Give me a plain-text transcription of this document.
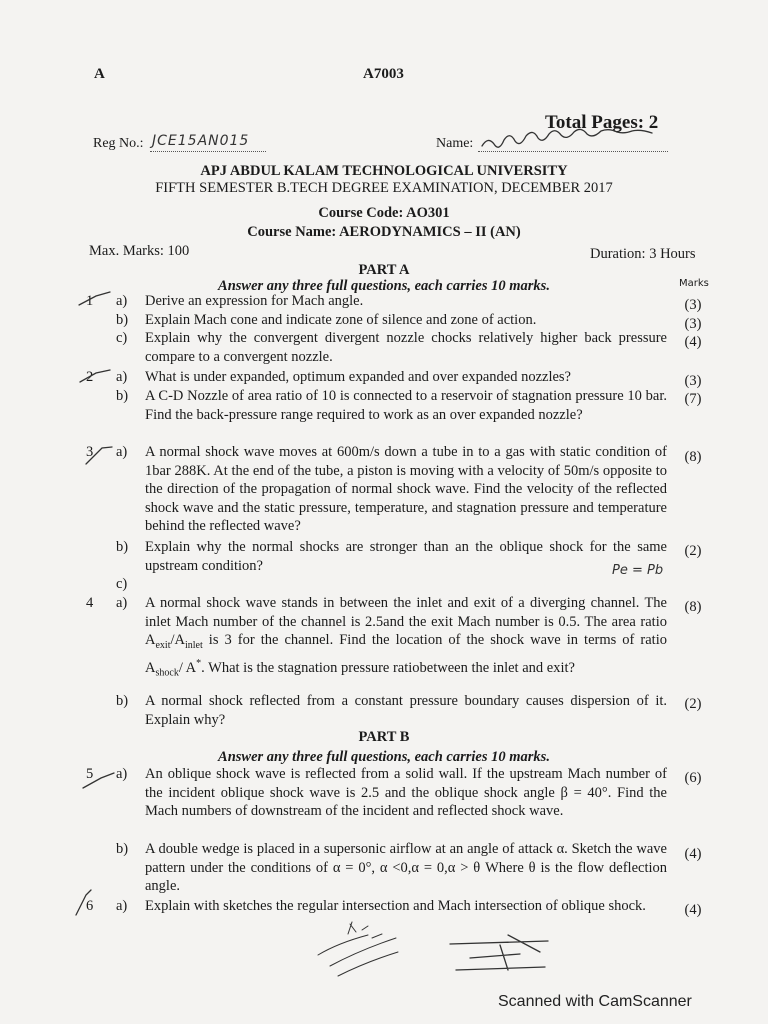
A	A7003
Total Pages: 2
Reg No.: JCE15AN015	Name:
APJ ABDUL KALAM TECHNOLOGICAL UNIVERSITY
FIFTH SEMESTER B.TECH DEGREE EXAMINATION, DECEMBER 2017
Course Code: AO301
Course Name: AERODYNAMICS – II (AN)
Max. Marks: 100	Duration: 3 Hours
PART A
Answer any three full questions, each carries 10 marks.	Marks
1 a)	Derive an expression for Mach angle.	(3)
b)	Explain Mach cone and indicate zone of silence and zone of action.	(3)
c)	Explain why the convergent divergent nozzle chocks relatively higher back pressure compare to a convergent nozzle.
(4)
2 a)	What is under expanded, optimum expanded and over expanded nozzles?	(3)
b)	A C-D Nozzle of area ratio of 10 is connected to a reservoir of stagnation pressure 10 bar. Find the back-pressure range required to work as an over expanded nozzle?
(7)
3 a)	A normal shock wave moves at 600m/s down a tube in to a gas with static condition of 1bar 288K. At the end of the tube, a piston is moving with a velocity of 50m/s opposite to the direction of the propagation of normal shock wave. Find the velocity of the reflected shock wave and the static pressure, temperature, and stagnation pressure and temperature behind the reflected wave?
(8)
b)	Explain why the normal shocks are stronger than an the oblique shock for the same upstream condition?
(2)
Pe = Pb
c)
4 a)	A normal shock wave stands in between the inlet and exit of a diverging channel. The inlet Mach number of the channel is 2.5and the exit Mach number is 0.5. The area ratio $A_{exit}/A_{inlet}$ is 3 for the channel. Find the location of the shock wave in terms of ratio $A_{shock}/$ A*. What is the stagnation pressure ratiobetween the inlet and exit?
(8)
b)	A normal shock reflected from a constant pressure boundary causes dispersion of it. Explain why?
(2)
PART B
Answer any three full questions, each carries 10 marks.
5 a)	An oblique shock wave is reflected from a solid wall. If the upstream Mach number of the incident oblique shock wave is 2.5 and the oblique shock angle β = 40°. Find the Mach numbers of downstream of the incident and reflected shock wave.
(6)
b)	A double wedge is placed in a supersonic airflow at an angle of attack α. Sketch the wave pattern under the conditions of α = 0°, α <0,α = 0,α > θ Where θ is the flow deflection angle.
(4)
6 a)	Explain with sketches the regular intersection and Mach intersection of oblique shock.	(4)
Scanned with CamScanner
